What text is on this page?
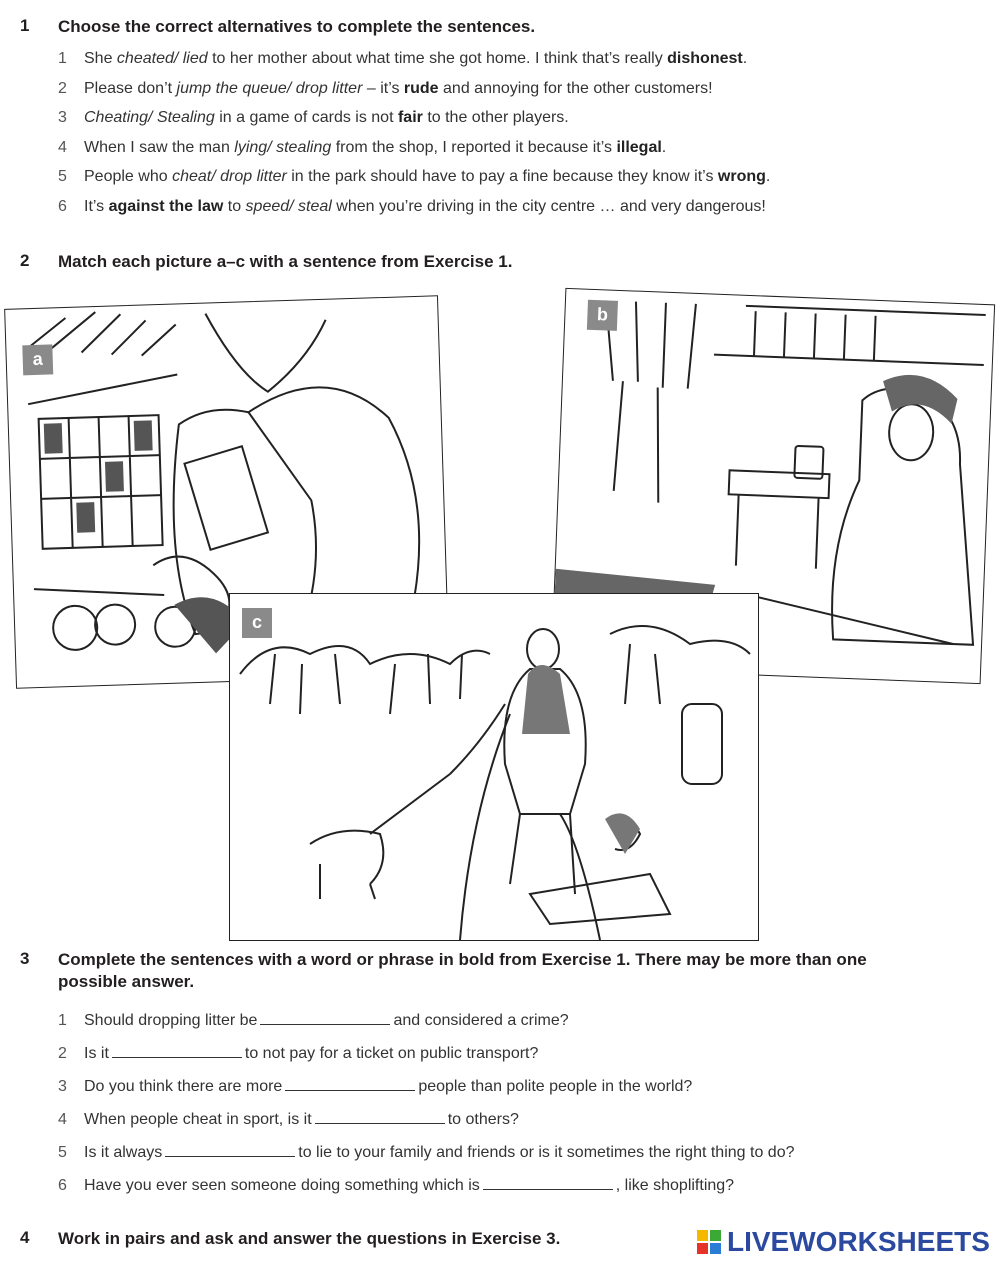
1 Choose the correct alternatives to complete the sentences.
1 She cheated/ lied to her mother about what time she got home. I think that’s really dishonest.
2 Please don’t jump the queue/ drop litter – it’s rude and annoying for the other customers!
3 Cheating/ Stealing in a game of cards is not fair to the other players.
4 When I saw the man lying/ stealing from the shop, I reported it because it’s illegal.
5 People who cheat/ drop litter in the park should have to pay a fine because they know it’s wrong.
6 It’s against the law to speed/ steal when you’re driving in the city centre … and very dangerous!
2 Match each picture a–c with a sentence from Exercise 1.
a
b
c
3 Complete the sentences with a word or phrase in bold from Exercise 1. There may be more than one
possible answer.
1 Should dropping litter be	and considered a crime?
2 Is it	to not pay for a ticket on public transport?
3 Do you think there are more	people than polite people in the world?
4 When people cheat in sport, is it	to others?
5 Is it always	to lie to your family and friends or is it sometimes the right thing to do?
6 Have you ever seen someone doing something which is	, like shoplifting?
4 Work in pairs and ask and answer the questions in Exercise 3.	LIVEWORKSHEETS
